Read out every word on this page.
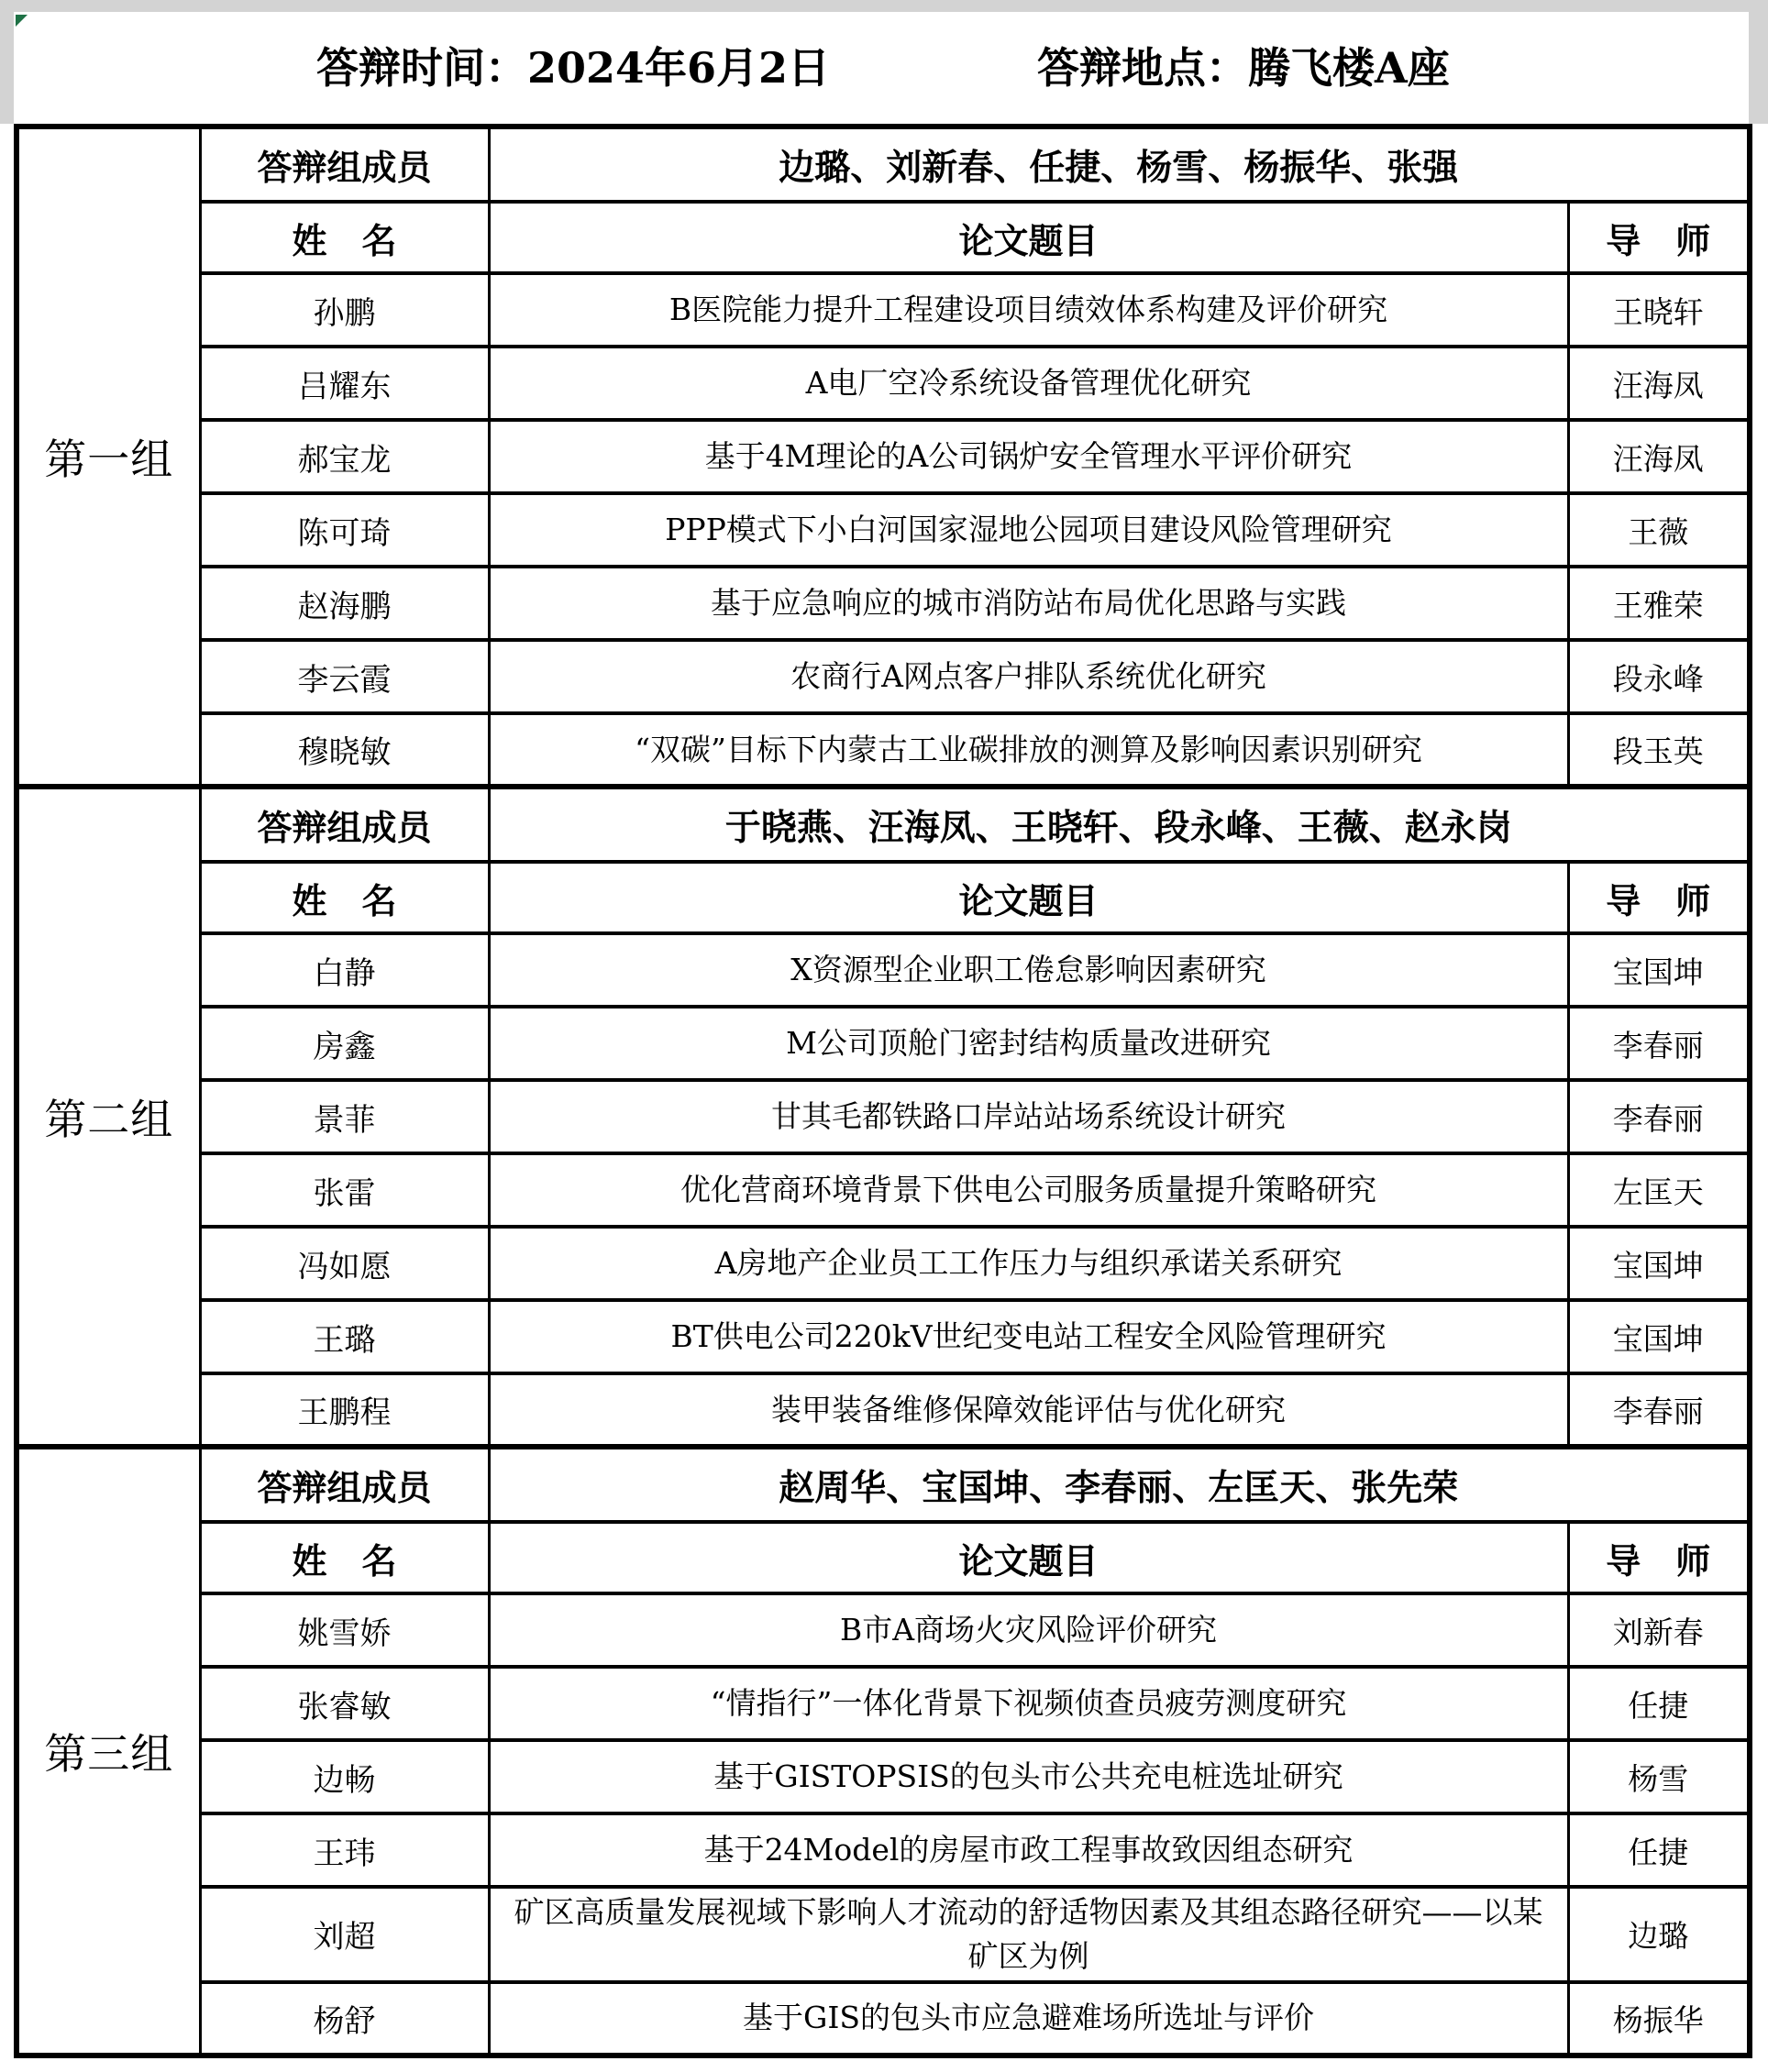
答辩时间：2024年6月2日	答辩地点：腾飞楼A座
第一组	答辩组成员	边璐、刘新春、任捷、杨雪、杨振华、张强	
	姓　名	论文题目	导　师
	孙鹏	B医院能力提升工程建设项目绩效体系构建及评价研究	王晓轩
	吕耀东	A电厂空冷系统设备管理优化研究	汪海凤
	郝宝龙	基于4M理论的A公司锅炉安全管理水平评价研究	汪海凤
	陈可琦	PPP模式下小白河国家湿地公园项目建设风险管理研究	王薇
	赵海鹏	基于应急响应的城市消防站布局优化思路与实践	王雅荣
	李云霞	农商行A网点客户排队系统优化研究	段永峰
	穆晓敏	“双碳”目标下内蒙古工业碳排放的测算及影响因素识别研究	段玉英
第二组	答辩组成员	于晓燕、汪海凤、王晓轩、段永峰、王薇、赵永岗	
	姓　名	论文题目	导　师
	白静	X资源型企业职工倦怠影响因素研究	宝国坤
	房鑫	M公司顶舱门密封结构质量改进研究	李春丽
	景菲	甘其毛都铁路口岸站站场系统设计研究	李春丽
	张雷	优化营商环境背景下供电公司服务质量提升策略研究	左匡天
	冯如愿	A房地产企业员工工作压力与组织承诺关系研究	宝国坤
	王璐	BT供电公司220kV世纪变电站工程安全风险管理研究	宝国坤
	王鹏程	装甲装备维修保障效能评估与优化研究	李春丽
第三组	答辩组成员	赵周华、宝国坤、李春丽、左匡天、张先荣	
	姓　名	论文题目	导　师
	姚雪娇	B市A商场火灾风险评价研究	刘新春
	张睿敏	“情指行”一体化背景下视频侦查员疲劳测度研究	任捷
	边畅	基于GISTOPSIS的包头市公共充电桩选址研究	杨雪
	王玮	基于24Model的房屋市政工程事故致因组态研究	任捷
	刘超	矿区高质量发展视域下影响人才流动的舒适物因素及其组态路径研究——以某矿区为例	边璐
	杨舒	基于GIS的包头市应急避难场所选址与评价	杨振华
